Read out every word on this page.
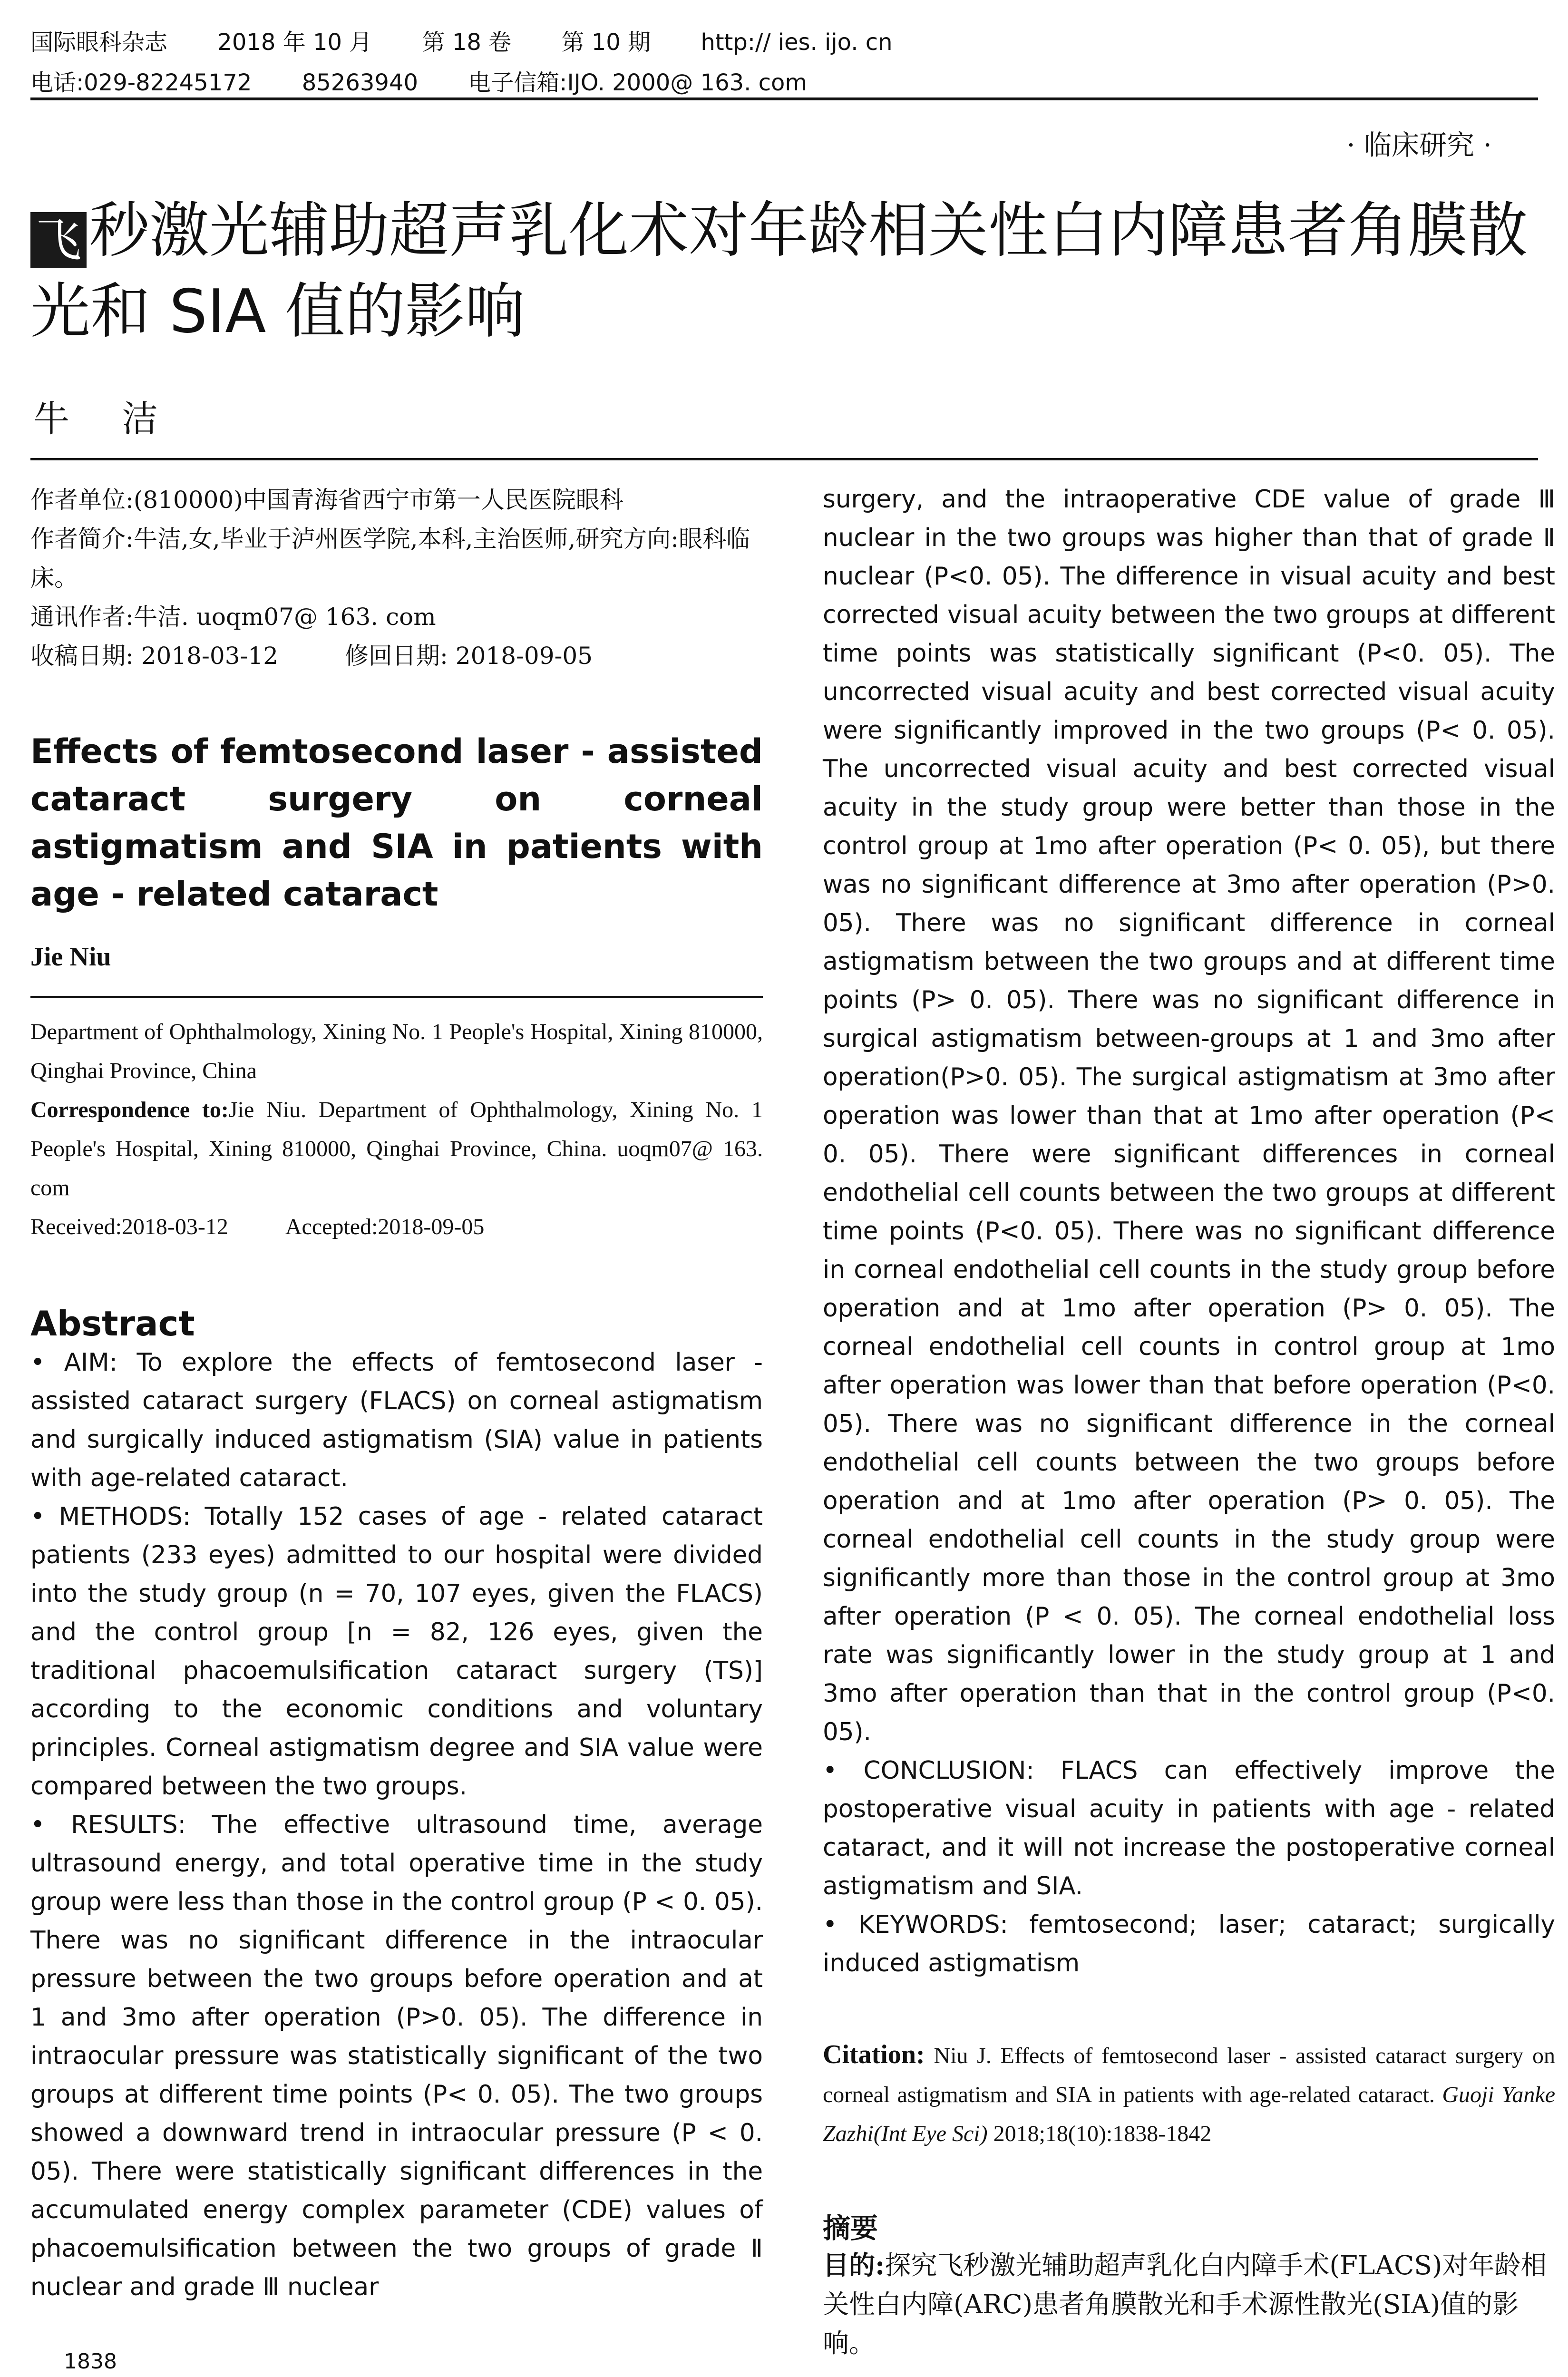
国际眼科杂志 2018 年 10 月 第 18 卷 第 10 期 http:// ies. ijo. cn
电话:029-82245172 85263940 电子信箱:IJO. 2000@ 163. com
· 临床研究 ·
飞 秒激光辅助超声乳化术对年龄相关性白内障患者角膜散光和 SIA 值的影响
牛洁

作者单位:(810000)中国青海省西宁市第一人民医院眼科

作者简介:牛洁,女,毕业于泸州医学院,本科,主治医师,研究方向:眼科临床。

通讯作者:牛洁. uoqm07@ 163. com

收稿日期: 2018-03-12	修回日期: 2018-09-05

Effects of femtosecond laser - assisted cataract surgery on corneal astigmatism and SIA in patients with age - related cataract
Jie Niu
Department of Ophthalmology, Xining No. 1 People's Hospital, Xining 810000, Qinghai Province, China
Correspondence to:Jie Niu. Department of Ophthalmology, Xining No. 1 People's Hospital, Xining 810000, Qinghai Province, China. uoqm07@ 163. com
Received:2018-03-12	Accepted:2018-09-05
Abstract

• AIM: To explore the effects of femtosecond laser - assisted cataract surgery (FLACS) on corneal astigmatism and surgically induced astigmatism (SIA) value in patients with age-related cataract.

• METHODS: Totally 152 cases of age - related cataract patients (233 eyes) admitted to our hospital were divided into the study group (n = 70, 107 eyes, given the FLACS) and the control group [n = 82, 126 eyes, given the traditional phacoemulsification cataract surgery (TS)] according to the economic conditions and voluntary principles. Corneal astigmatism degree and SIA value were compared between the two groups.

• RESULTS: The effective ultrasound time, average ultrasound energy, and total operative time in the study group were less than those in the control group (P < 0. 05). There was no significant difference in the intraocular pressure between the two groups before operation and at 1 and 3mo after operation (P>0. 05). The difference in intraocular pressure was statistically significant of the two groups at different time points (P< 0. 05). The two groups showed a downward trend in intraocular pressure (P < 0. 05). There were statistically significant differences in the accumulated energy complex parameter (CDE) values of phacoemulsification between the two groups of grade Ⅱ nuclear and grade Ⅲ nuclear

surgery, and the intraoperative CDE value of grade Ⅲ nuclear in the two groups was higher than that of grade Ⅱ nuclear (P<0. 05). The difference in visual acuity and best corrected visual acuity between the two groups at different time points was statistically significant (P<0. 05). The uncorrected visual acuity and best corrected visual acuity were significantly improved in the two groups (P< 0. 05). The uncorrected visual acuity and best corrected visual acuity in the study group were better than those in the control group at 1mo after operation (P< 0. 05), but there was no significant difference at 3mo after operation (P>0. 05). There was no significant difference in corneal astigmatism between the two groups and at different time points (P> 0. 05). There was no significant difference in surgical astigmatism between-groups at 1 and 3mo after operation(P>0. 05). The surgical astigmatism at 3mo after operation was lower than that at 1mo after operation (P< 0. 05). There were significant differences in corneal endothelial cell counts between the two groups at different time points (P<0. 05). There was no significant difference in corneal endothelial cell counts in the study group before operation and at 1mo after operation (P> 0. 05). The corneal endothelial cell counts in control group at 1mo after operation was lower than that before operation (P<0. 05). There was no significant difference in the corneal endothelial cell counts between the two groups before operation and at 1mo after operation (P> 0. 05). The corneal endothelial cell counts in the study group were significantly more than those in the control group at 3mo after operation (P < 0. 05). The corneal endothelial loss rate was significantly lower in the study group at 1 and 3mo after operation than that in the control group (P<0. 05).

• CONCLUSION: FLACS can effectively improve the postoperative visual acuity in patients with age - related cataract, and it will not increase the postoperative corneal astigmatism and SIA.

• KEYWORDS: femtosecond; laser; cataract; surgically induced astigmatism

Citation: Niu J. Effects of femtosecond laser - assisted cataract surgery on corneal astigmatism and SIA in patients with age-related cataract. Guoji Yanke Zazhi(Int Eye Sci) 2018;18(10):1838-1842
摘要

目的:探究飞秒激光辅助超声乳化白内障手术(FLACS)对年龄相关性白内障(ARC)患者角膜散光和手术源性散光(SIA)值的影响。

1838
